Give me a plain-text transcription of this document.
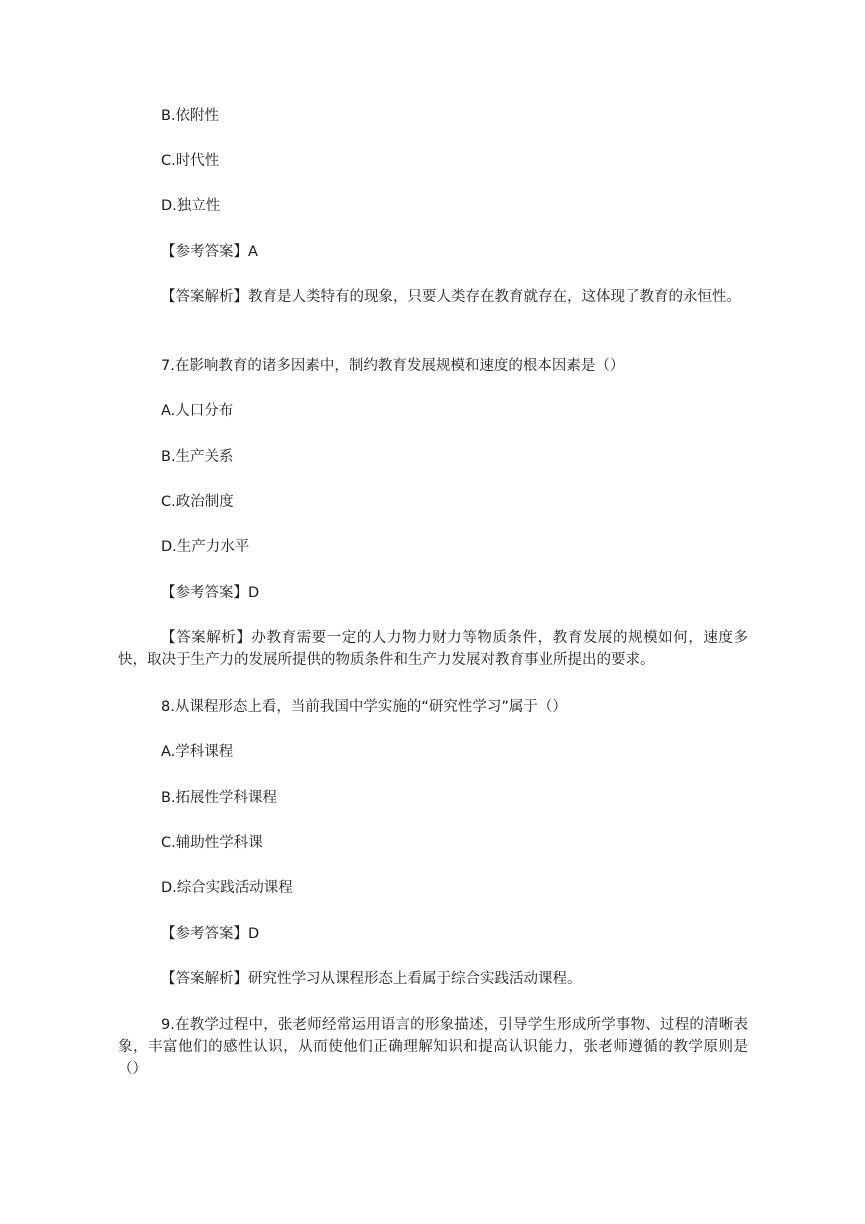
B.依附性
C.时代性
D.独立性
【参考答案】A
【答案解析】教育是人类特有的现象，只要人类存在教育就存在，这体现了教育的永恒性。
7.在影响教育的诸多因素中，制约教育发展规模和速度的根本因素是（）
A.人口分布
B.生产关系
C.政治制度
D.生产力水平
【参考答案】D
【答案解析】办教育需要一定的人力物力财力等物质条件，教育发展的规模如何，速度多快，取决于生产力的发展所提供的物质条件和生产力发展对教育事业所提出的要求。
8.从课程形态上看，当前我国中学实施的“研究性学习”属于（）
A.学科课程
B.拓展性学科课程
C.辅助性学科课
D.综合实践活动课程
【参考答案】D
【答案解析】研究性学习从课程形态上看属于综合实践活动课程。
9.在教学过程中，张老师经常运用语言的形象描述，引导学生形成所学事物、过程的清晰表象，丰富他们的感性认识，从而使他们正确理解知识和提高认识能力，张老师遵循的教学原则是（）
